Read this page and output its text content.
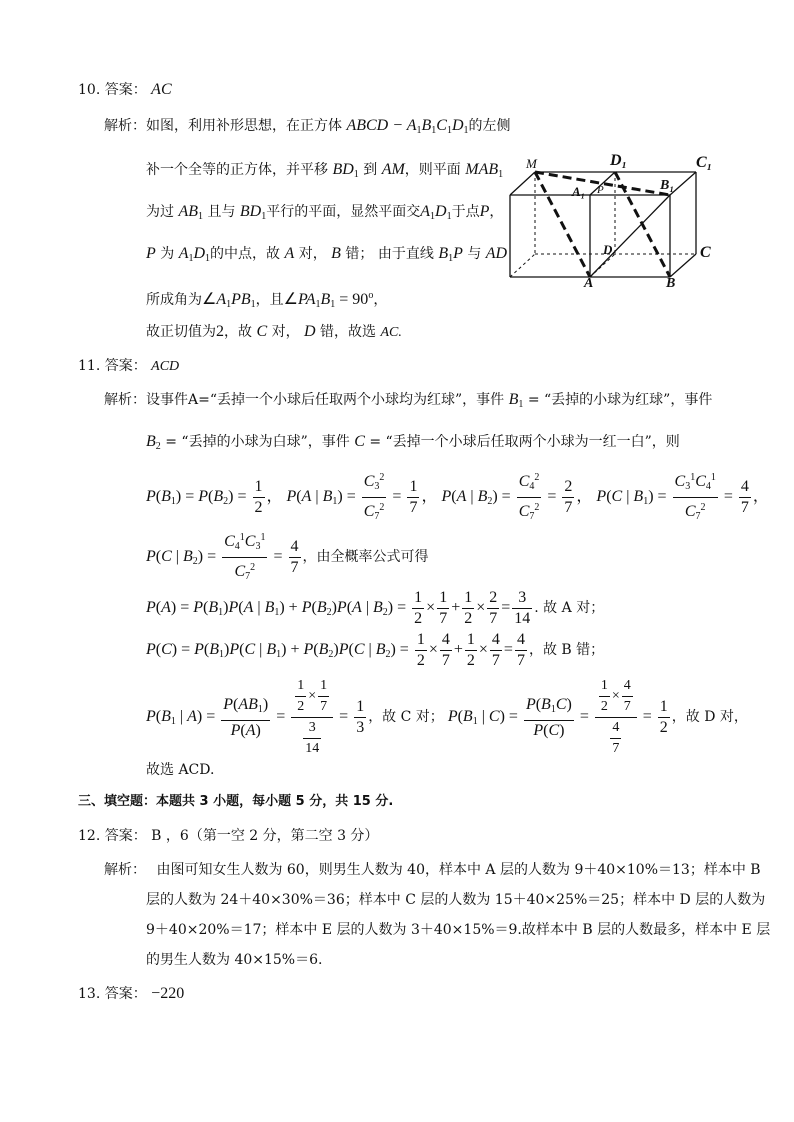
10. 答案： AC
解析：如图，利用补形思想，在正方体 ABCD − $A_1B_1C_1D_1$的左侧
补一个全等的正方体，并平移 $BD_1$ 到 AM，则平面 $MAB_1$
为过 $AB_1$ 且与 $BD_1$平行的平面，显然平面交$A_1D_1$于点P，
P 为 $A_1D_1$的中点，故 A 对， B 错； 由于直线 $B_1P$ 与 AD
所成角为$\angle A_1PB_1$，且$\angle PA_1B_1 = 90^o$，
故正切值为2，故 C 对， D 错，故选 AC.
M	D₁	C₁
A₁ P	B₁
D	C
A	B
11. 答案： ACD
解析：设事件A=“丢掉一个小球后任取两个小球均为红球”，事件 $B_1$ = “丢掉的小球为红球”，事件
$B_2$ = “丢掉的小球为白球”，事件 C = “丢掉一个小球后任取两个小球为一红一白”，则
$P(B_1) = P(B_2) = \frac{1}{2}$ ， P(A | $B_1) = \frac{C_3^2}{C_7^2} = \frac{1}{7}$ ， P(A | $B_2) = \frac{C_4^2}{C_7^2} = \frac{2}{7}$ ， P(C | $B_1) = \frac{C_3^1C_4^1}{C_7^2} = \frac{4}{7}$ ，
P(C | $B_2) = \frac{C_4^1C_3^1}{C_7^2} = \frac{4}{7}$ ，由全概率公式可得
$P(A) = P(B_1)P(A$ | $B_1) + P(B_2)P(A$ | $B_2) = \frac{1}{2} \times \frac{1}{7} + \frac{1}{2} \times \frac{2}{7} = \frac{3}{14}$ . 故 A 对；
$P(C) = P(B_1)P(C$ | $B_1) + P(B_2)P(C$ | $B_2) = \frac{1}{2} \times \frac{4}{7} + \frac{1}{2} \times \frac{4}{7} = \frac{4}{7}$ ，故 B 错；
$P(B_1$ | $A) = \frac{P(AB_1)}{P(A)} = \frac{\frac{1}{2} \times \frac{1}{7}}{\frac{3}{14}} = \frac{1}{3}$ ，故 C 对； $P(B_1$ | $C) = \frac{P(B_1C)}{P(C)} = \frac{\frac{1}{2} \times \frac{4}{7}}{\frac{4}{7}} = \frac{1}{2}$ ，故 D 对，
故选 ACD.
三、填空题：本题共 3 小题，每小题 5 分，共 15 分.
12. 答案： B ，6（第一空 2 分，第二空 3 分）
解析： 由图可知女生人数为 60，则男生人数为 40，样本中 A 层的人数为 9＋40×10%＝13；样本中 B
层的人数为 24＋40×30%＝36；样本中 C 层的人数为 15＋40×25%＝25；样本中 D 层的人数为
9＋40×20%＝17；样本中 E 层的人数为 3＋40×15%＝9.故样本中 B 层的人数最多，样本中 E 层
的男生人数为 40×15%＝6.
13. 答案： −220
